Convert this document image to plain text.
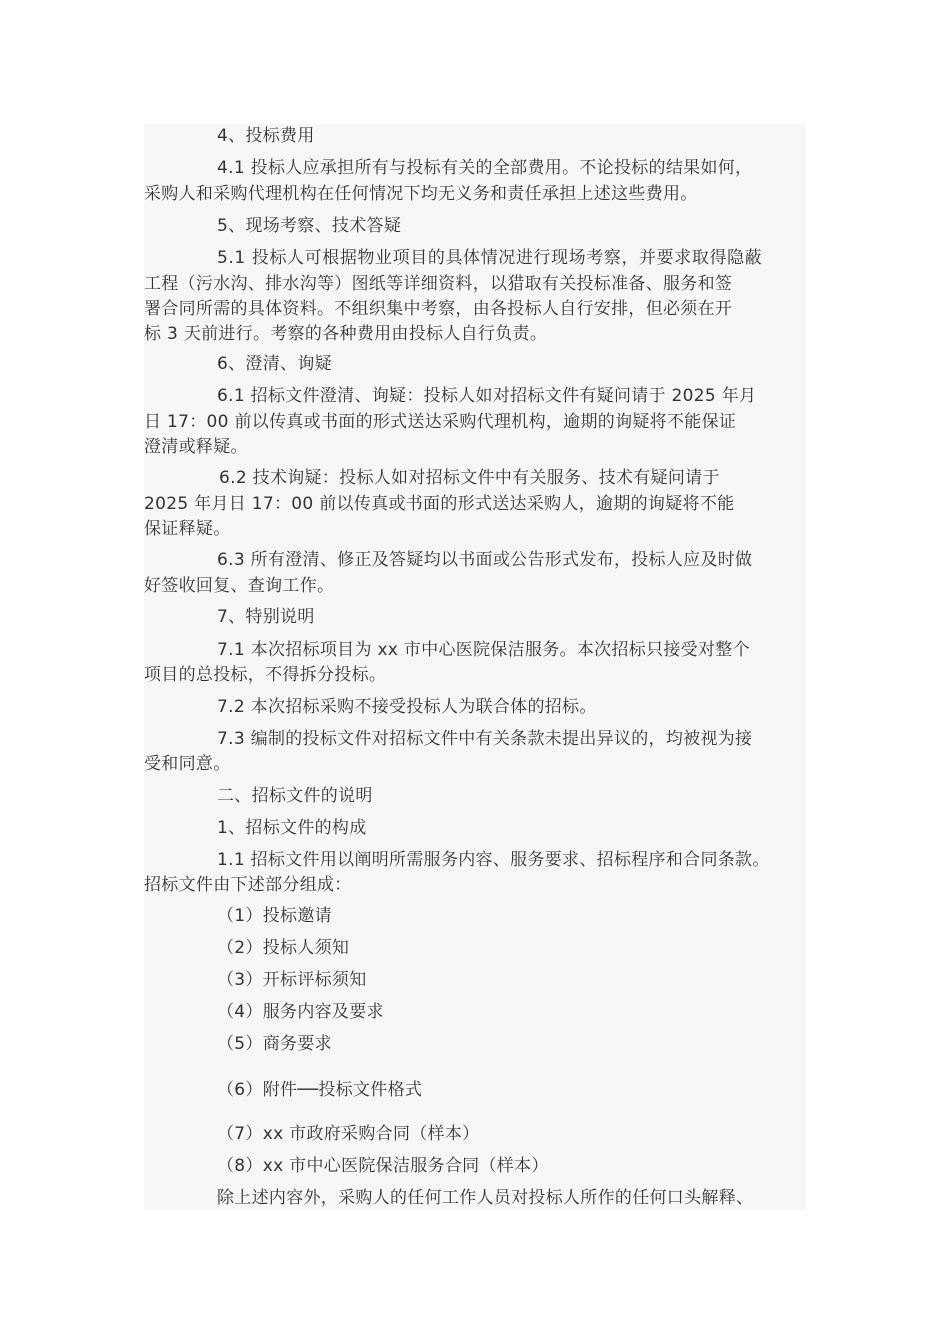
4、投标费用
4.1 投标人应承担所有与投标有关的全部费用。不论投标的结果如何，
采购人和采购代理机构在任何情况下均无义务和责任承担上述这些费用。
5、现场考察、技术答疑
5.1 投标人可根据物业项目的具体情况进行现场考察，并要求取得隐蔽
工程（污水沟、排水沟等）图纸等详细资料，以猎取有关投标准备、服务和签
署合同所需的具体资料。不组织集中考察，由各投标人自行安排，但必须在开
标 3 天前进行。考察的各种费用由投标人自行负责。
6、澄清、询疑
6.1 招标文件澄清、询疑：投标人如对招标文件有疑问请于 2025 年月
日 17：00 前以传真或书面的形式送达采购代理机构，逾期的询疑将不能保证
澄清或释疑。
6.2 技术询疑：投标人如对招标文件中有关服务、技术有疑问请于
2025 年月日 17：00 前以传真或书面的形式送达采购人，逾期的询疑将不能
保证释疑。
6.3 所有澄清、修正及答疑均以书面或公告形式发布，投标人应及时做
好签收回复、查询工作。
7、特别说明
7.1 本次招标项目为 xx 市中心医院保洁服务。本次招标只接受对整个
项目的总投标，不得拆分投标。
7.2 本次招标采购不接受投标人为联合体的招标。
7.3 编制的投标文件对招标文件中有关条款未提出异议的，均被视为接
受和同意。
二、招标文件的说明
1、招标文件的构成
1.1 招标文件用以阐明所需服务内容、服务要求、招标程序和合同条款。
招标文件由下述部分组成：
（1）投标邀请
（2）投标人须知
（3）开标评标须知
（4）服务内容及要求
（5）商务要求
（6）附件──投标文件格式
（7）xx 市政府采购合同（样本）
（8）xx 市中心医院保洁服务合同（样本）
除上述内容外，采购人的任何工作人员对投标人所作的任何口头解释、
